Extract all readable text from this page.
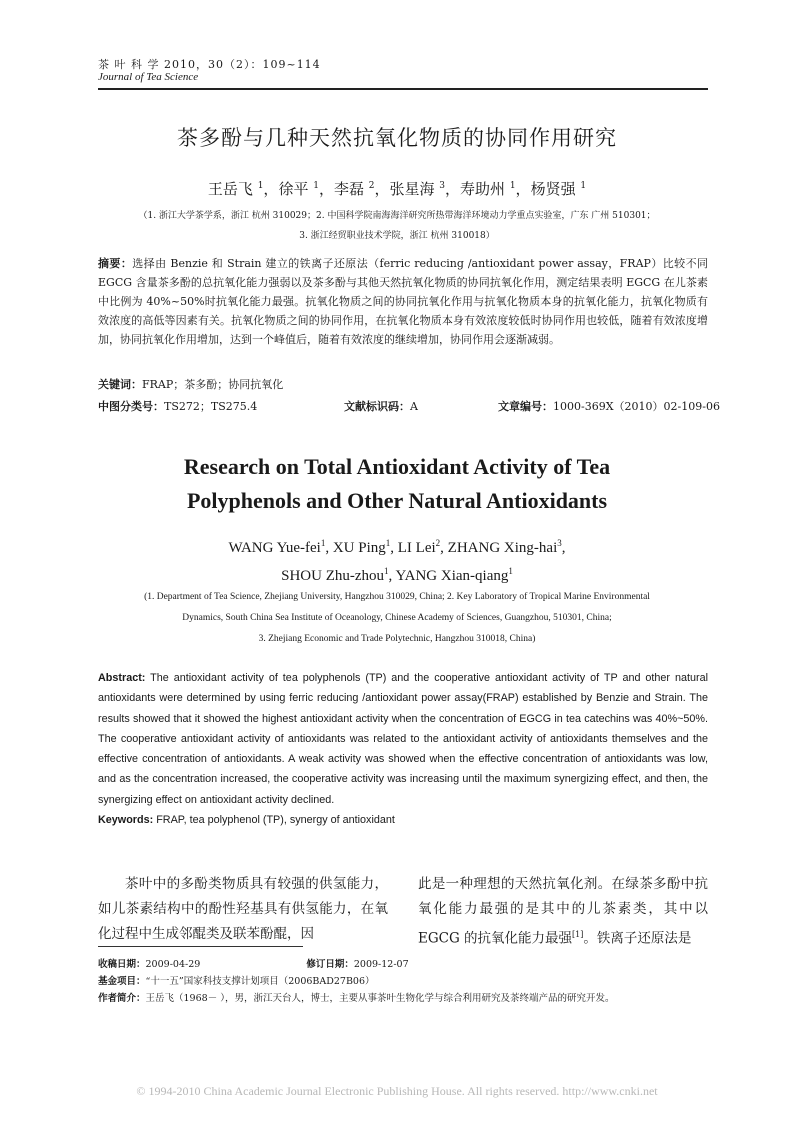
茶 叶 科 学 2010，30（2）：109~114
Journal of Tea Science
茶多酚与几种天然抗氧化物质的协同作用研究
王岳飞 $^1$，徐平 $^1$，李磊 $^2$，张星海 $^3$，寿助州 $^1$，杨贤强 $^1$
（1. 浙江大学茶学系，浙江 杭州 310029；2. 中国科学院南海海洋研究所热带海洋环境动力学重点实验室，广东 广州 510301；
3. 浙江经贸职业技术学院，浙江 杭州 310018）
摘要：选择由 Benzie 和 Strain 建立的铁离子还原法（ferric reducing /antioxidant power assay，FRAP）比较不同 EGCG 含量茶多酚的总抗氧化能力强弱以及茶多酚与其他天然抗氧化物质的协同抗氧化作用，测定结果表明 EGCG 在儿茶素中比例为 40%~50%时抗氧化能力最强。抗氧化物质之间的协同抗氧化作用与抗氧化物质本身的抗氧化能力，抗氧化物质有效浓度的高低等因素有关。抗氧化物质之间的协同作用，在抗氧化物质本身有效浓度较低时协同作用也较低，随着有效浓度增加，协同抗氧化作用增加，达到一个峰值后，随着有效浓度的继续增加，协同作用会逐渐减弱。
关键词：FRAP；茶多酚；协同抗氧化
中图分类号：TS272；TS275.4	文献标识码：A	文章编号：1000-369X（2010）02-109-06
Research on Total Antioxidant Activity of Tea
Polyphenols and Other Natural Antioxidants
WANG Yue-fei$^1$, XU Ping$^1$, LI Lei$^2$, ZHANG Xing-hai$^3$,
SHOU Zhu-zhou$^1$, YANG Xian-qiang$^1$
(1. Department of Tea Science, Zhejiang University, Hangzhou 310029, China; 2. Key Laboratory of Tropical Marine Environmental
Dynamics, South China Sea Institute of Oceanology, Chinese Academy of Sciences, Guangzhou, 510301, China;
3. Zhejiang Economic and Trade Polytechnic, Hangzhou 310018, China)
Abstract: The antioxidant activity of tea polyphenols (TP) and the cooperative antioxidant activity of TP and other natural antioxidants were determined by using ferric reducing /antioxidant power assay(FRAP) established by Benzie and Strain. The results showed that it showed the highest antioxidant activity when the concentration of EGCG in tea catechins was 40%~50%. The cooperative antioxidant activity of antioxidants was related to the antioxidant activity of antioxidants themselves and the effective concentration of antioxidants. A weak activity was showed when the effective concentration of antioxidants was low, and as the concentration increased, the cooperative activity was increasing until the maximum synergizing effect, and then, the synergizing effect on antioxidant activity declined.
Keywords: FRAP, tea polyphenol (TP), synergy of antioxidant
茶叶中的多酚类物质具有较强的供氢能力，如儿茶素结构中的酚性羟基具有供氢能力，在氧化过程中生成邻醌类及联苯酚醌，因
此是一种理想的天然抗氧化剂。在绿茶多酚中抗氧化能力最强的是其中的儿茶素类，其中以 EGCG 的抗氧化能力最强[1]。铁离子还原法是
收稿日期：2009-04-29	修订日期：2009-12-07
基金项目：“十一五”国家科技支撑计划项目（2006BAD27B06）
作者简介：王岳飞（1968－ ），男，浙江天台人，博士，主要从事茶叶生物化学与综合利用研究及茶终端产品的研究开发。
© 1994-2010 China Academic Journal Electronic Publishing House. All rights reserved. http://www.cnki.net
